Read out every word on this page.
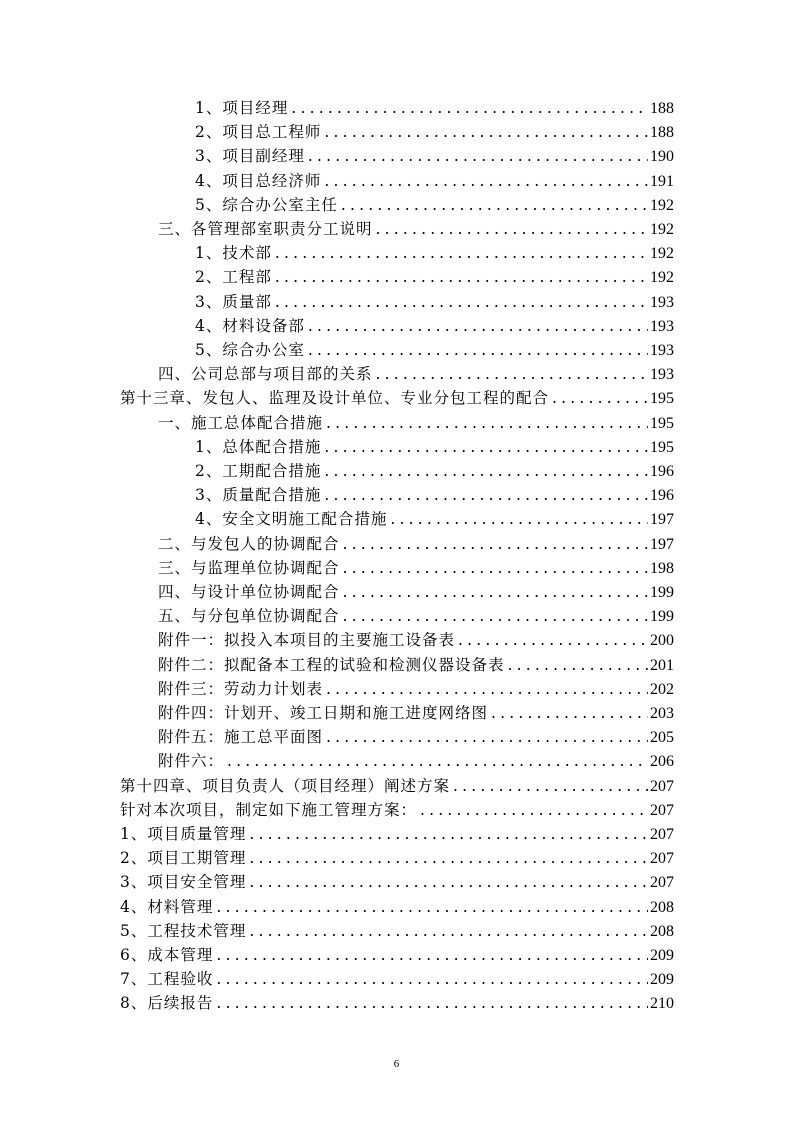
1、项目经理 .....	188
2、项目总工程师 .....	188
3、项目副经理 .....	190
4、项目总经济师 .....	191
5、综合办公室主任 .....	192
三、各管理部室职责分工说明 .....	192
1、技术部 .....	192
2、工程部 .....	192
3、质量部 .....	193
4、材料设备部 .....	193
5、综合办公室 .....	193
四、公司总部与项目部的关系 .....	193
第十三章、发包人、监理及设计单位、专业分包工程的配合 .....	195
一、施工总体配合措施 .....	195
1、总体配合措施 .....	195
2、工期配合措施 .....	196
3、质量配合措施 .....	196
4、安全文明施工配合措施 .....	197
二、与发包人的协调配合 .....	197
三、与监理单位协调配合 .....	198
四、与设计单位协调配合 .....	199
五、与分包单位协调配合 .....	199
附件一：拟投入本项目的主要施工设备表 .....	200
附件二：拟配备本工程的试验和检测仪器设备表 .....	201
附件三：劳动力计划表 .....	202
附件四：计划开、竣工日期和施工进度网络图 .....	203
附件五：施工总平面图 .....	205
附件六： .....	206
第十四章、项目负责人（项目经理）阐述方案 .....	207
针对本次项目，制定如下施工管理方案： .....	207
1、项目质量管理 .....	207
2、项目工期管理 .....	207
3、项目安全管理 .....	207
4、材料管理 .....	208
5、工程技术管理 .....	208
6、成本管理 .....	209
7、工程验收 .....	209
8、后续报告 .....	210
6
